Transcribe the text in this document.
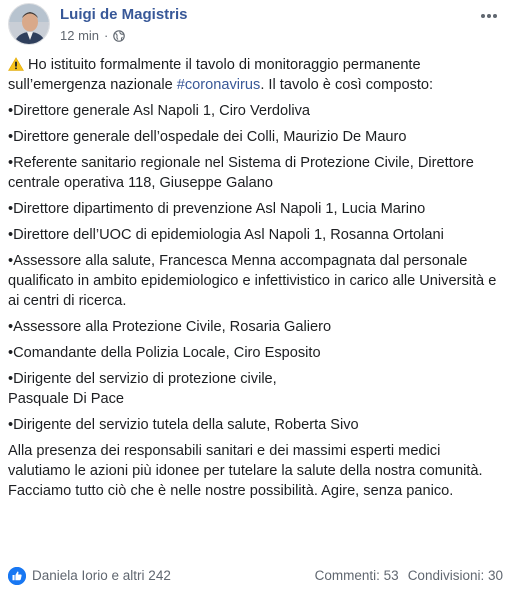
Luigi de Magistris
12 min ·

Ho istituito formalmente il tavolo di monitoraggio permanente sull’emergenza nazionale #coronavirus. Il tavolo è così composto:

•Direttore generale Asl Napoli 1, Ciro Verdoliva

•Direttore generale dell’ospedale dei Colli, Maurizio De Mauro

•Referente sanitario regionale nel Sistema di Protezione Civile, Direttore centrale operativa 118, Giuseppe Galano

•Direttore dipartimento di prevenzione Asl Napoli 1, Lucia Marino

•Direttore dell’UOC di epidemiologia Asl Napoli 1, Rosanna Ortolani

•Assessore alla salute, Francesca Menna accompagnata dal personale qualificato in ambito epidemiologico e infettivistico in carico alle Università e ai centri di ricerca.

•Assessore alla Protezione Civile, Rosaria Galiero

•Comandante della Polizia Locale, Ciro Esposito

•Dirigente del servizio di protezione civile,
Pasquale Di Pace

•Dirigente del servizio tutela della salute, Roberta Sivo

Alla presenza dei responsabili sanitari e dei massimi esperti medici valutiamo le azioni più idonee per tutelare la salute della nostra comunità. Facciamo tutto ciò che è nelle nostre possibilità. Agire, senza panico.

Daniela Iorio e altri 242	Commenti: 53 Condivisioni: 30
